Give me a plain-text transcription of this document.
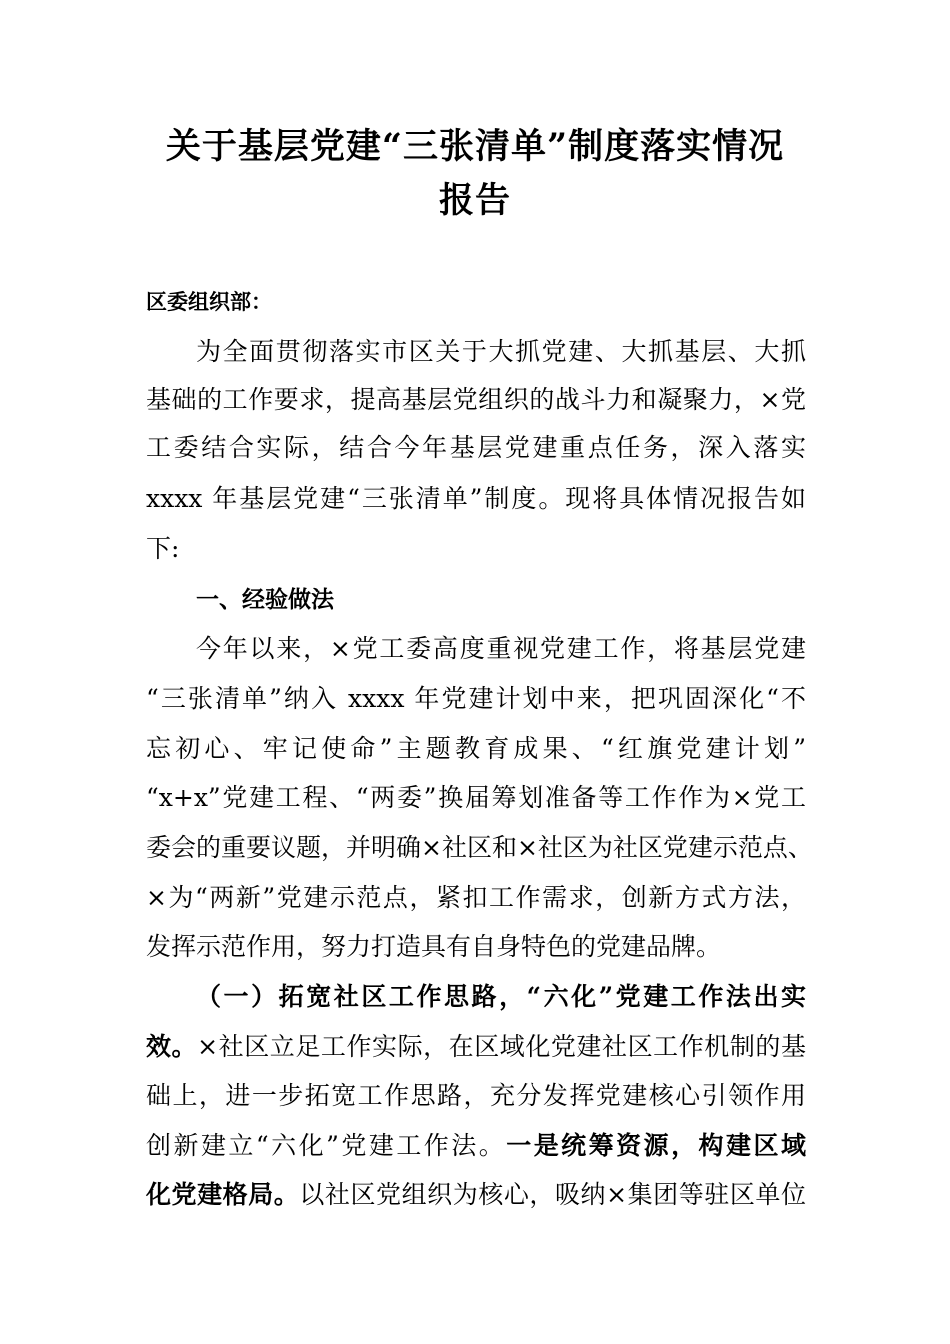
关于基层党建“三张清单”制度落实情况
报告
区委组织部：
为全面贯彻落实市区关于大抓党建、大抓基层、大抓
基础的工作要求，提高基层党组织的战斗力和凝聚力，×党
工委结合实际，结合今年基层党建重点任务，深入落实
xxxx 年基层党建“三张清单”制度。现将具体情况报告如
下:
一、经验做法
今年以来，×党工委高度重视党建工作，将基层党建
“三张清单”纳入 xxxx 年党建计划中来，把巩固深化“不
忘初心、牢记使命”主题教育成果、“红旗党建计划”
“x+x”党建工程、“两委”换届筹划准备等工作作为×党工
委会的重要议题，并明确×社区和×社区为社区党建示范点、
×为“两新”党建示范点，紧扣工作需求，创新方式方法，
发挥示范作用，努力打造具有自身特色的党建品牌。
（一）拓宽社区工作思路，“六化”党建工作法出实
效。×社区立足工作实际，在区域化党建社区工作机制的基
础上，进一步拓宽工作思路，充分发挥党建核心引领作用
创新建立“六化”党建工作法。一是统筹资源，构建区域
化党建格局。以社区党组织为核心，吸纳×集团等驻区单位
